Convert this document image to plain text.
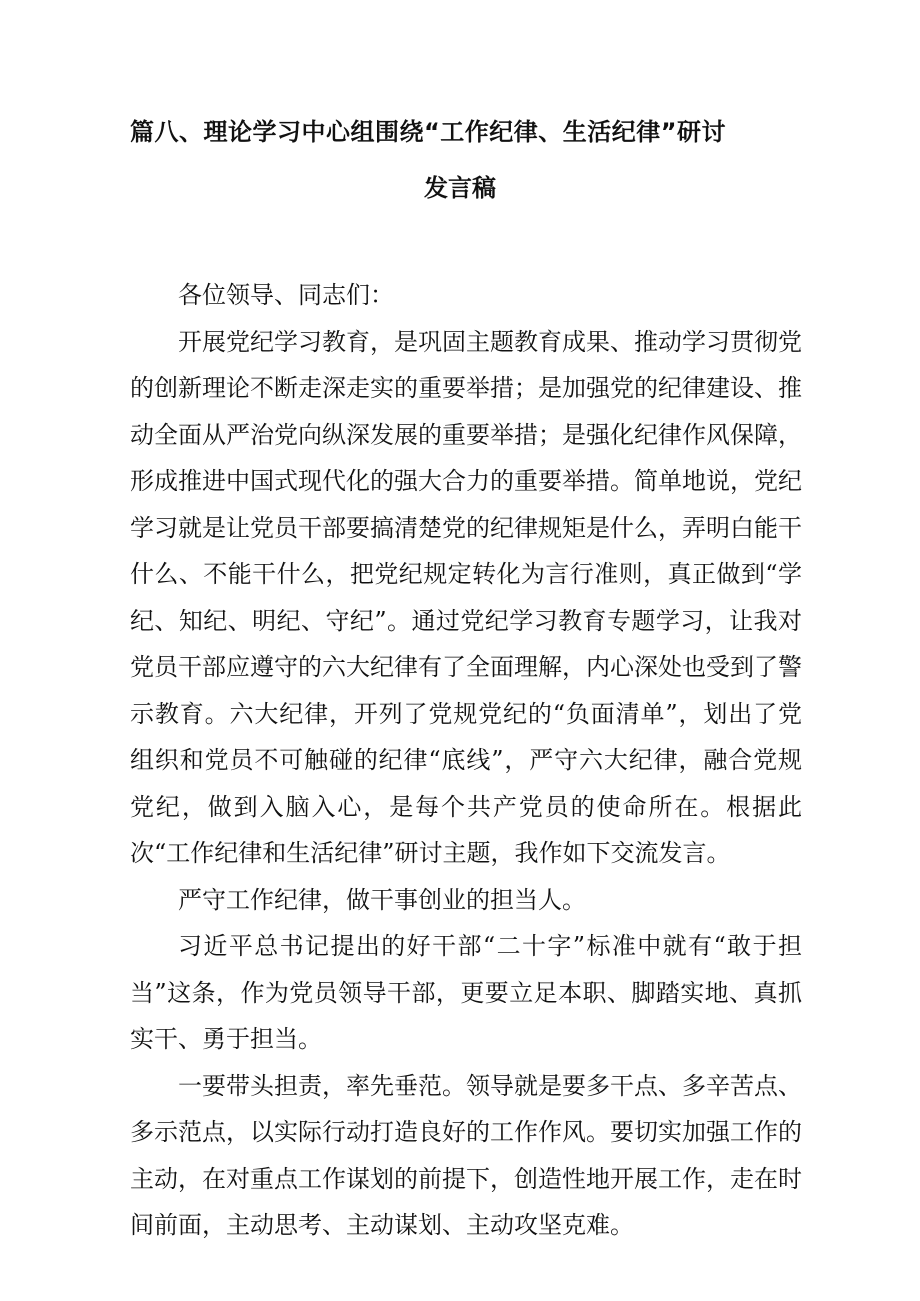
篇八、理论学习中心组围绕“工作纪律、生活纪律”研讨
发言稿

各位领导、同志们：

开展党纪学习教育，是巩固主题教育成果、推动学习贯彻党的创新理论不断走深走实的重要举措；是加强党的纪律建设、推动全面从严治党向纵深发展的重要举措；是强化纪律作风保障，形成推进中国式现代化的强大合力的重要举措。简单地说，党纪学习就是让党员干部要搞清楚党的纪律规矩是什么，弄明白能干什么、不能干什么，把党纪规定转化为言行准则，真正做到“学纪、知纪、明纪、守纪”。通过党纪学习教育专题学习，让我对党员干部应遵守的六大纪律有了全面理解，内心深处也受到了警示教育。六大纪律，开列了党规党纪的“负面清单”，划出了党组织和党员不可触碰的纪律“底线”，严守六大纪律，融合党规党纪，做到入脑入心，是每个共产党员的使命所在。根据此次“工作纪律和生活纪律”研讨主题，我作如下交流发言。

严守工作纪律，做干事创业的担当人。

习近平总书记提出的好干部“二十字”标准中就有“敢于担当”这条，作为党员领导干部，更要立足本职、脚踏实地、真抓实干、勇于担当。

一要带头担责，率先垂范。领导就是要多干点、多辛苦点、多示范点，以实际行动打造良好的工作作风。要切实加强工作的主动，在对重点工作谋划的前提下，创造性地开展工作，走在时间前面，主动思考、主动谋划、主动攻坚克难。
